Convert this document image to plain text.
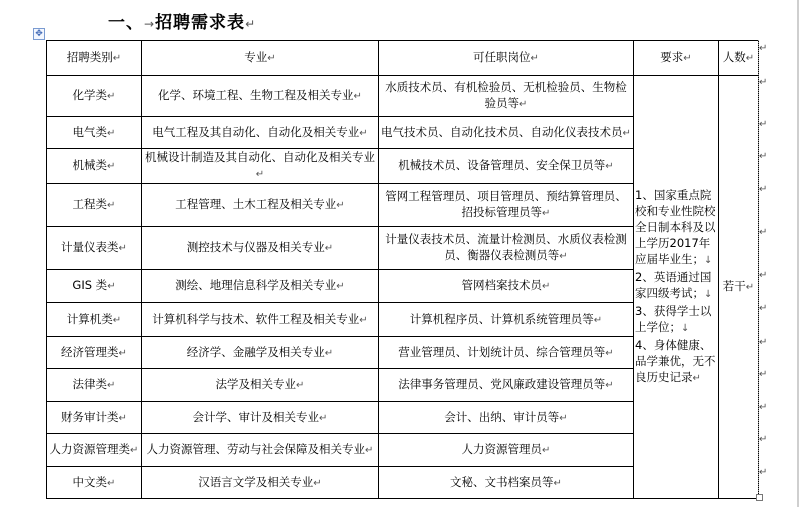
一、→招聘需求表↵
✥
招聘类别↵	专业↵	可任职岗位↵	要求↵	人数↵
化学类↵	化学、环境工程、生物工程及相关专业↵	水质技术员、有机检验员、无机检验员、生物检验员等↵	1、国家重点院校和专业性院校全日制本科及以上学历2017年应届毕业生；↓
2、英语通过国家四级考试；↓
3、获得学士以上学位；↓
4、身体健康、品学兼优，无不良历史记录↵	若干↵
电气类↵	电气工程及其自动化、自动化及相关专业↵	电气技术员、自动化技术员、自动化仪表技术员↵		
机械类↵	机械设计制造及其自动化、自动化及相关专业↵	机械技术员、设备管理员、安全保卫员等↵		
工程类↵	工程管理、土木工程及相关专业↵	管网工程管理员、项目管理员、预结算管理员、招投标管理员等↵		
计量仪表类↵	测控技术与仪器及相关专业↵	计量仪表技术员、流量计检测员、水质仪表检测员、衡器仪表检测员等↵		
GIS 类↵	测绘、地理信息科学及相关专业↵	管网档案技术员↵		
计算机类↵	计算机科学与技术、软件工程及相关专业↵	计算机程序员、计算机系统管理员等↵		
经济管理类↵	经济学、金融学及相关专业↵	营业管理员、计划统计员、综合管理员等↵		
法律类↵	法学及相关专业↵	法律事务管理员、党风廉政建设管理员等↵		
财务审计类↵	会计学、审计及相关专业↵	会计、出纳、审计员等↵		
人力资源管理类↵	人力资源管理、劳动与社会保障及相关专业↵	人力资源管理员↵		
中文类↵	汉语言文学及相关专业↵	文秘、文书档案员等↵		
↵
↵
↵
↵
↵
↵
↵
↵
↵
↵
↵
↵
↵
